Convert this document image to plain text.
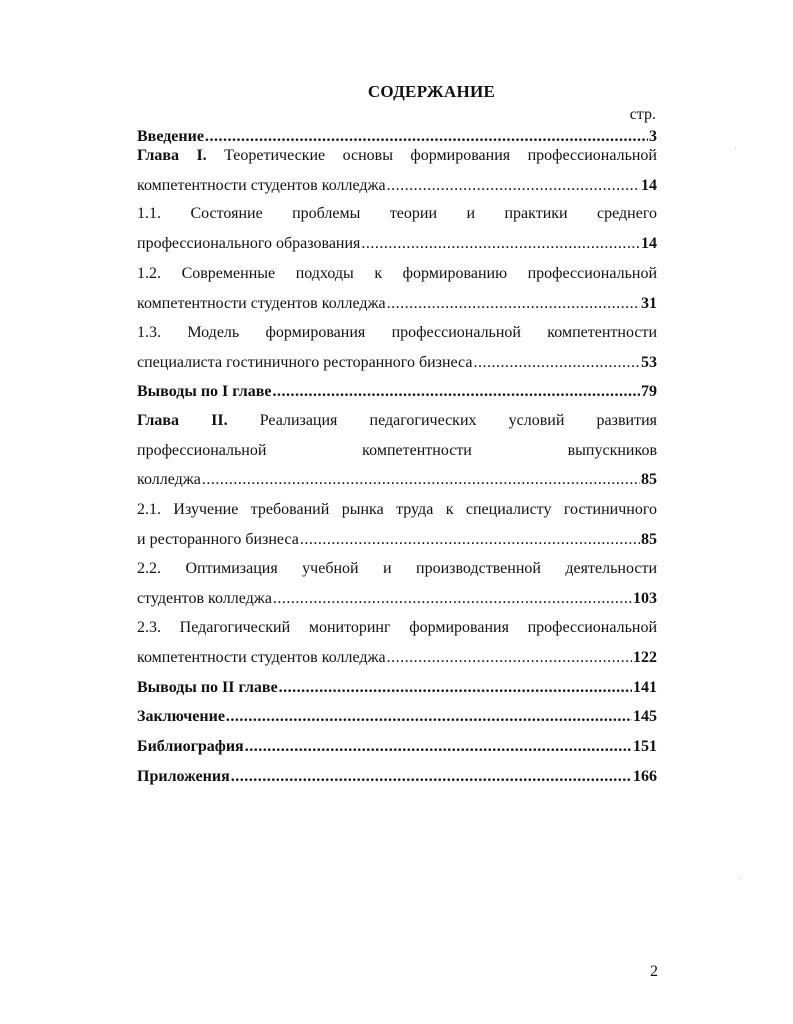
СОДЕРЖАНИЕ
стр.
Введение .....	3
Глава I. Теоретические основы формирования профессиональной
компетентности студентов колледжа .....	14
1.1. Состояние проблемы теории и практики среднего
профессионального образования .....	14
1.2. Современные подходы к формированию профессиональной
компетентности студентов колледжа .....	31
1.3. Модель формирования профессиональной компетентности
специалиста гостиничного ресторанного бизнеса .....	53
Выводы по I главе .....	79
Глава II. Реализация педагогических условий развития
профессиональной компетентности выпускников
колледжа .....	85
2.1. Изучение требований рынка труда к специалисту гостиничного
и ресторанного бизнеса .....	85
2.2. Оптимизация учебной и производственной деятельности
студентов колледжа .....	103
2.3. Педагогический мониторинг формирования профессиональной
компетентности студентов колледжа .....	122
Выводы по II главе .....	141
Заключение .....	145
Библиография .....	151
Приложения .....	166
2
